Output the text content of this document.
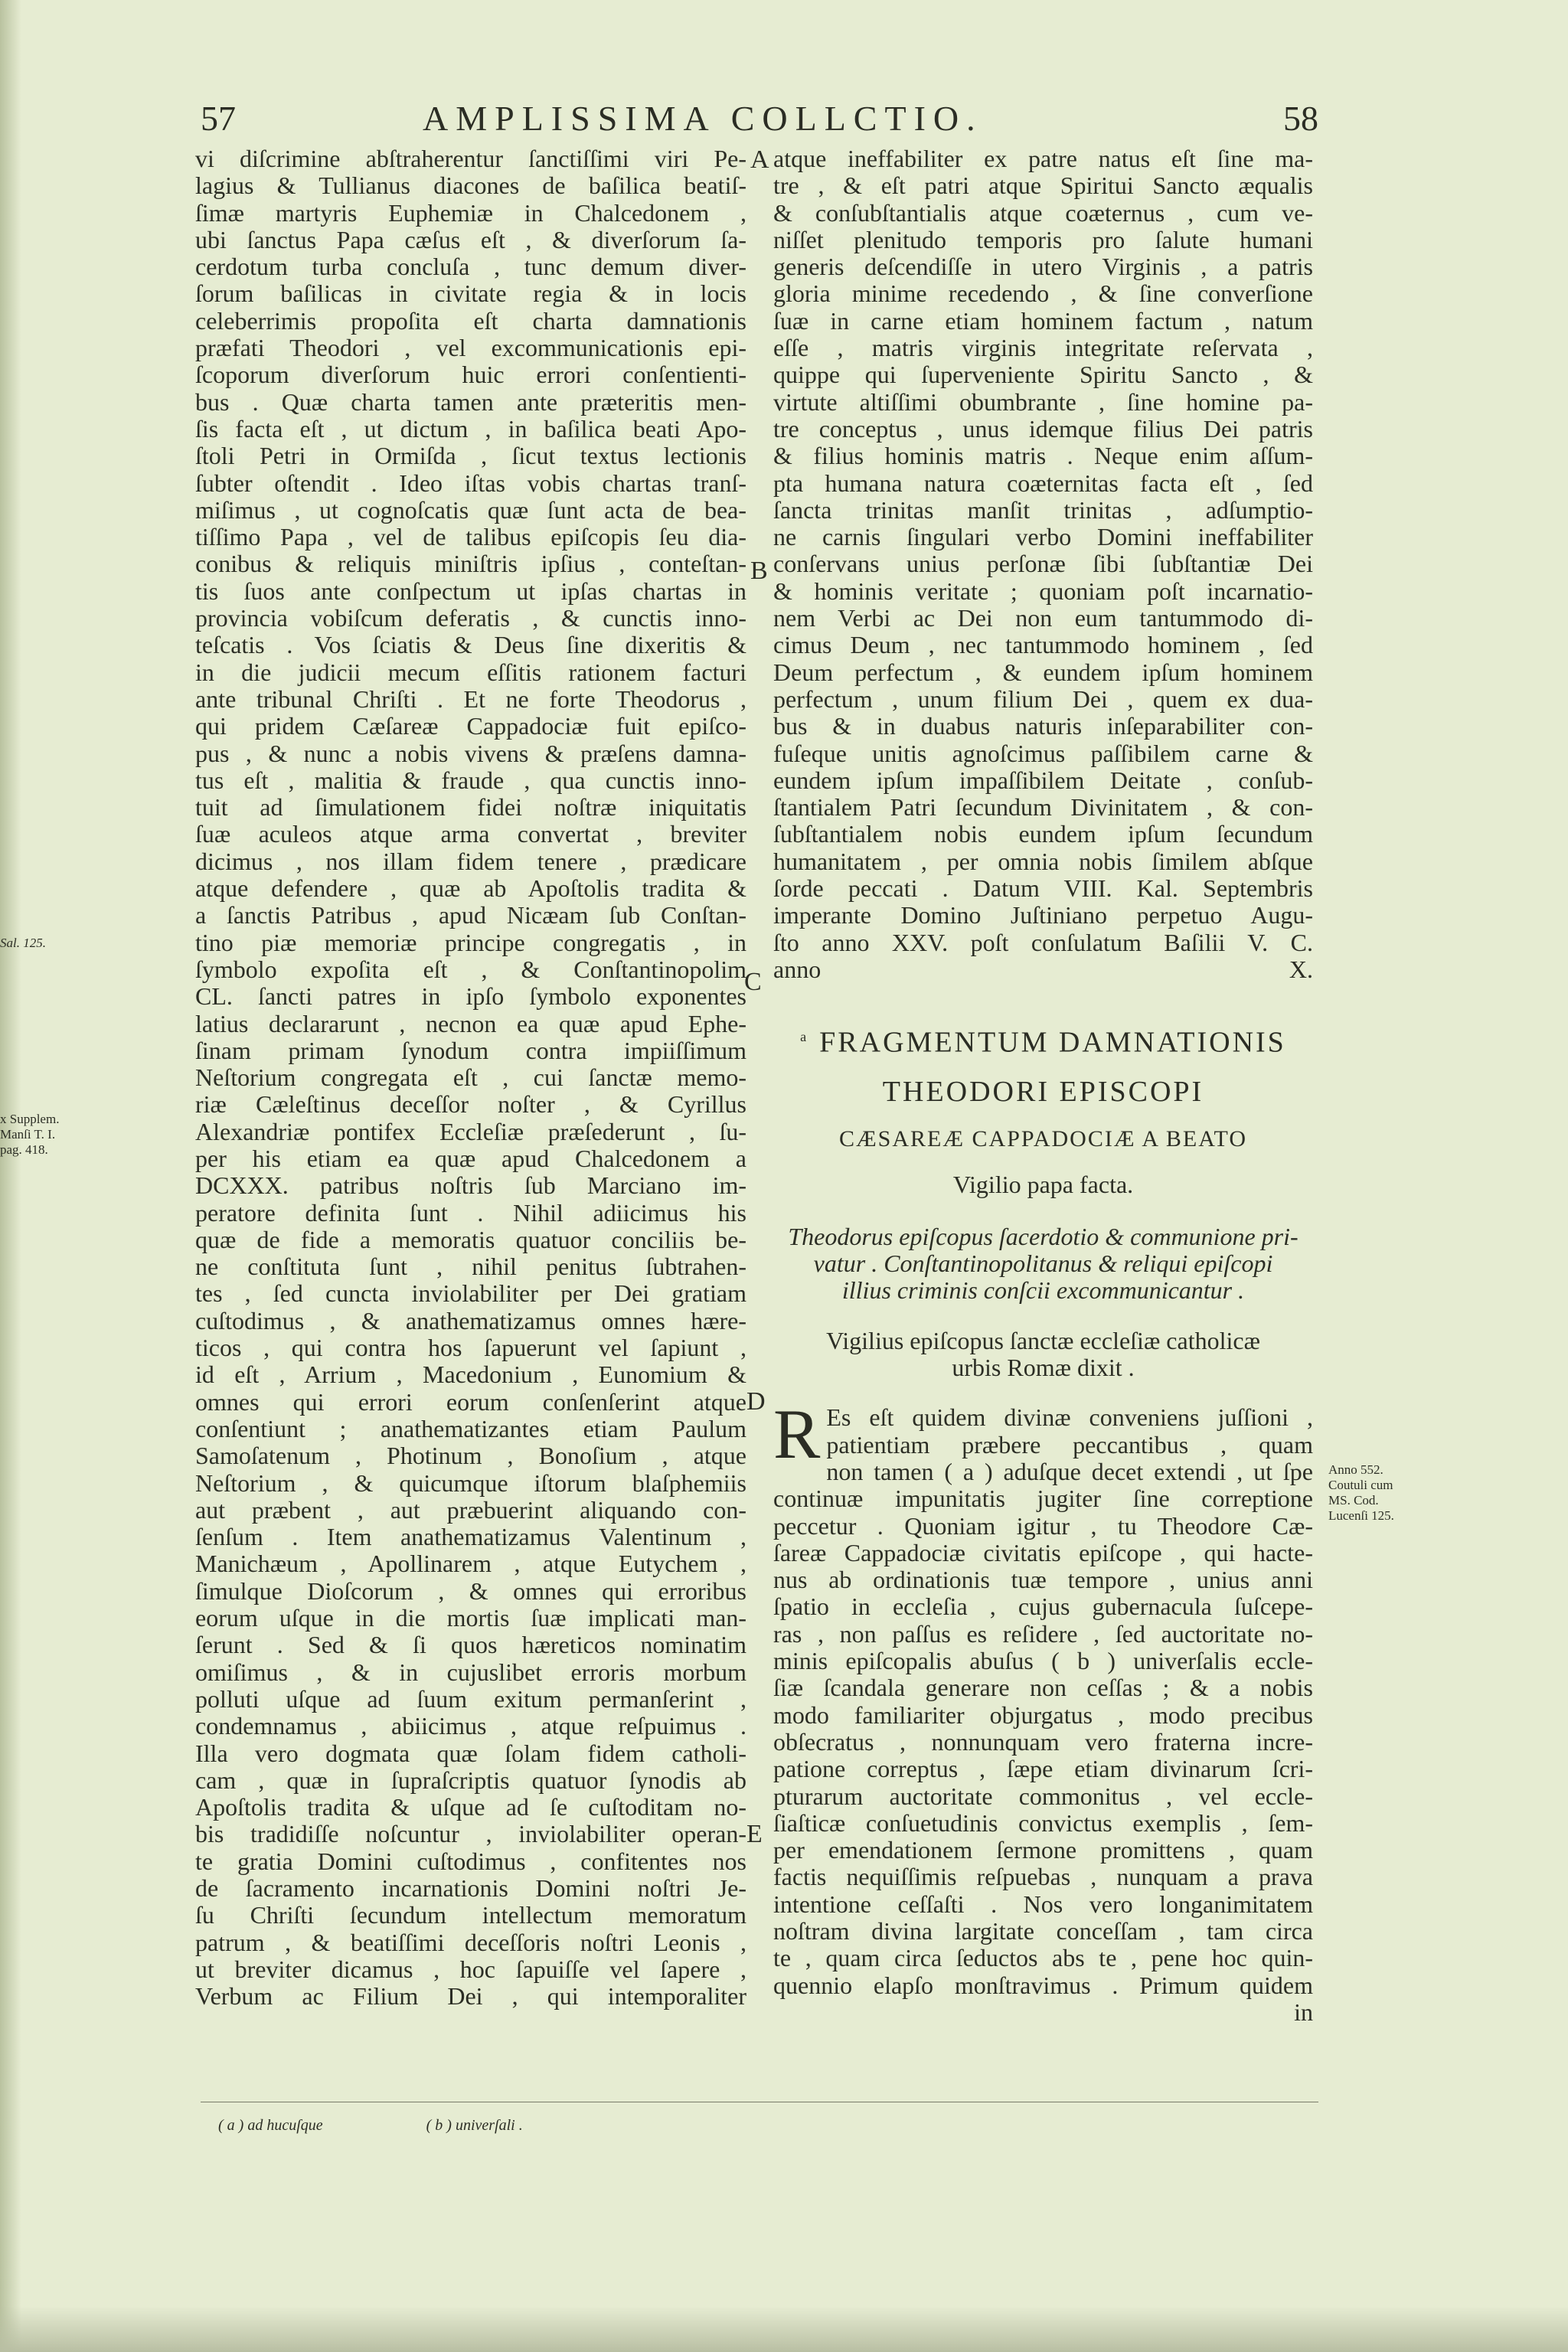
57	AMPLISSIMA COLLCTIO.	58
vi diſcrimine abſtraherentur ſanctiſſimi viri Pe-
lagius & Tullianus diacones de baſilica beatiſ-
ſimæ martyris Euphemiæ in Chalcedonem ,
ubi ſanctus Papa cæſus eſt , & diverſorum ſa-
cerdotum turba concluſa , tunc demum diver-
ſorum baſilicas in civitate regia & in locis
celeberrimis propoſita eſt charta damnationis
præfati Theodori , vel excommunicationis epi-
ſcoporum diverſorum huic errori conſentienti-
bus . Quæ charta tamen ante præteritis men-
ſis facta eſt , ut dictum , in baſilica beati Apo-
ſtoli Petri in Ormiſda , ſicut textus lectionis
ſubter oſtendit . Ideo iſtas vobis chartas tranſ-
miſimus , ut cognoſcatis quæ ſunt acta de bea-
tiſſimo Papa , vel de talibus epiſcopis ſeu dia-
conibus & reliquis miniſtris ipſius , conteſtan-
tis ſuos ante conſpectum ut ipſas chartas in
provincia vobiſcum deferatis , & cunctis inno-
teſcatis . Vos ſciatis & Deus ſine dixeritis &
in die judicii mecum eſſitis rationem facturi
ante tribunal Chriſti . Et ne forte Theodorus ,
qui pridem Cæſareæ Cappadociæ fuit epiſco-
pus , & nunc a nobis vivens & præſens damna-
tus eſt , malitia & fraude , qua cunctis inno-
tuit ad ſimulationem fidei noſtræ iniquitatis
ſuæ aculeos atque arma convertat , breviter
dicimus , nos illam fidem tenere , prædicare
atque defendere , quæ ab Apoſtolis tradita &
a ſanctis Patribus , apud Nicæam ſub Conſtan-
tino piæ memoriæ principe congregatis , in
ſymbolo expoſita eſt , & Conſtantinopolim
CL. ſancti patres in ipſo ſymbolo exponentes
latius declararunt , necnon ea quæ apud Ephe-
ſinam primam ſynodum contra impiiſſimum
Neſtorium congregata eſt , cui ſanctæ memo-
riæ Cæleſtinus deceſſor noſter , & Cyrillus
Alexandriæ pontifex Eccleſiæ præſederunt , ſu-
per his etiam ea quæ apud Chalcedonem a
DCXXX. patribus noſtris ſub Marciano im-
peratore definita ſunt . Nihil adiicimus his
quæ de fide a memoratis quatuor conciliis be-
ne conſtituta ſunt , nihil penitus ſubtrahen-
tes , ſed cuncta inviolabiliter per Dei gratiam
cuſtodimus , & anathematizamus omnes hære-
ticos , qui contra hos ſapuerunt vel ſapiunt ,
id eſt , Arrium , Macedonium , Eunomium &
omnes qui errori eorum conſenſerint atque
conſentiunt ; anathematizantes etiam Paulum
Samoſatenum , Photinum , Bonoſium , atque
Neſtorium , & quicumque iſtorum blaſphemiis
aut præbent , aut præbuerint aliquando con-
ſenſum . Item anathematizamus Valentinum ,
Manichæum , Apollinarem , atque Eutychem ,
ſimulque Dioſcorum , & omnes qui erroribus
eorum uſque in die mortis ſuæ implicati man-
ſerunt . Sed & ſi quos hæreticos nominatim
omiſimus , & in cujuslibet erroris morbum
polluti uſque ad ſuum exitum permanſerint ,
condemnamus , abiicimus , atque reſpuimus .
Illa vero dogmata quæ ſolam fidem catholi-
cam , quæ in ſupraſcriptis quatuor ſynodis ab
Apoſtolis tradita & uſque ad ſe cuſtoditam no-
bis tradidiſſe noſcuntur , inviolabiliter operan-
te gratia Domini cuſtodimus , confitentes nos
de ſacramento incarnationis Domini noſtri Je-
ſu Chriſti ſecundum intellectum memoratum
patrum , & beatiſſimi deceſſoris noſtri Leonis ,
ut breviter dicamus , hoc ſapuiſſe vel ſapere ,
Verbum ac Filium Dei , qui intemporaliter
A
B
C
D
E
atque ineffabiliter ex patre natus eſt ſine ma-
tre , & eſt patri atque Spiritui Sancto æqualis
& conſubſtantialis atque coæternus , cum ve-
niſſet plenitudo temporis pro ſalute humani
generis deſcendiſſe in utero Virginis , a patris
gloria minime recedendo , & ſine converſione
ſuæ in carne etiam hominem factum , natum
eſſe , matris virginis integritate reſervata ,
quippe qui ſuperveniente Spiritu Sancto , &
virtute altiſſimi obumbrante , ſine homine pa-
tre conceptus , unus idemque filius Dei patris
& filius hominis matris . Neque enim aſſum-
pta humana natura coæternitas facta eſt , ſed
ſancta trinitas manſit trinitas , adſumptio-
ne carnis ſingulari verbo Domini ineffabiliter
conſervans unius perſonæ ſibi ſubſtantiæ Dei
& hominis veritate ; quoniam poſt incarnatio-
nem Verbi ac Dei non eum tantummodo di-
cimus Deum , nec tantummodo hominem , ſed
Deum perfectum , & eundem ipſum hominem
perfectum , unum filium Dei , quem ex dua-
bus & in duabus naturis inſeparabiliter con-
fuſeque unitis agnoſcimus paſſibilem carne &
eundem ipſum impaſſibilem Deitate , conſub-
ſtantialem Patri ſecundum Divinitatem , & con-
ſubſtantialem nobis eundem ipſum ſecundum
humanitatem , per omnia nobis ſimilem abſque
ſorde peccati . Datum VIII. Kal. Septembris
imperante Domino Juſtiniano perpetuo Augu-
ſto anno XXV. poſt conſulatum Baſilii V. C.
anno X.
$^a$ FRAGMENTUM DAMNATIONIS
THEODORI EPISCOPI
CÆSAREÆ CAPPADOCIÆ A BEATO
Vigilio papa facta.
Theodorus epiſcopus ſacerdotio & communione pri-
vatur . Conſtantinopolitanus & reliqui epiſcopi
illius criminis conſcii excommunicantur .
Vigilius epiſcopus ſanctæ eccleſiæ catholicæ
urbis Romæ dixit .
R Es eſt quidem divinæ conveniens juſſioni ,
patientiam præbere peccantibus , quam
non tamen ( a ) aduſque decet extendi , ut ſpe
continuæ impunitatis jugiter ſine correptione
peccetur . Quoniam igitur , tu Theodore Cæ-
ſareæ Cappadociæ civitatis epiſcope , qui hacte-
nus ab ordinationis tuæ tempore , unius anni
ſpatio in eccleſia , cujus gubernacula ſuſcepe-
ras , non paſſus es reſidere , ſed auctoritate no-
minis epiſcopalis abuſus ( b ) univerſalis eccle-
ſiæ ſcandala generare non ceſſas ; & a nobis
modo familiariter objurgatus , modo precibus
obſecratus , nonnunquam vero fraterna incre-
patione correptus , ſæpe etiam divinarum ſcri-
pturarum auctoritate commonitus , vel eccle-
ſiaſticæ conſuetudinis convictus exemplis , ſem-
per emendationem ſermone promittens , quam
factis nequiſſimis reſpuebas , nunquam a prava
intentione ceſſaſti . Nos vero longanimitatem
noſtram divina largitate conceſſam , tam circa
te , quam circa ſeductos abs te , pene hoc quin-
quennio elapſo monſtravimus . Primum quidem
in
Sal. 125.
x Supplem.
Manſi T. I.
pag. 418.
Anno 552.
Coutuli cum
MS. Cod.
Lucenſi 125.
( a ) ad hucuſque	( b ) univerſali .
